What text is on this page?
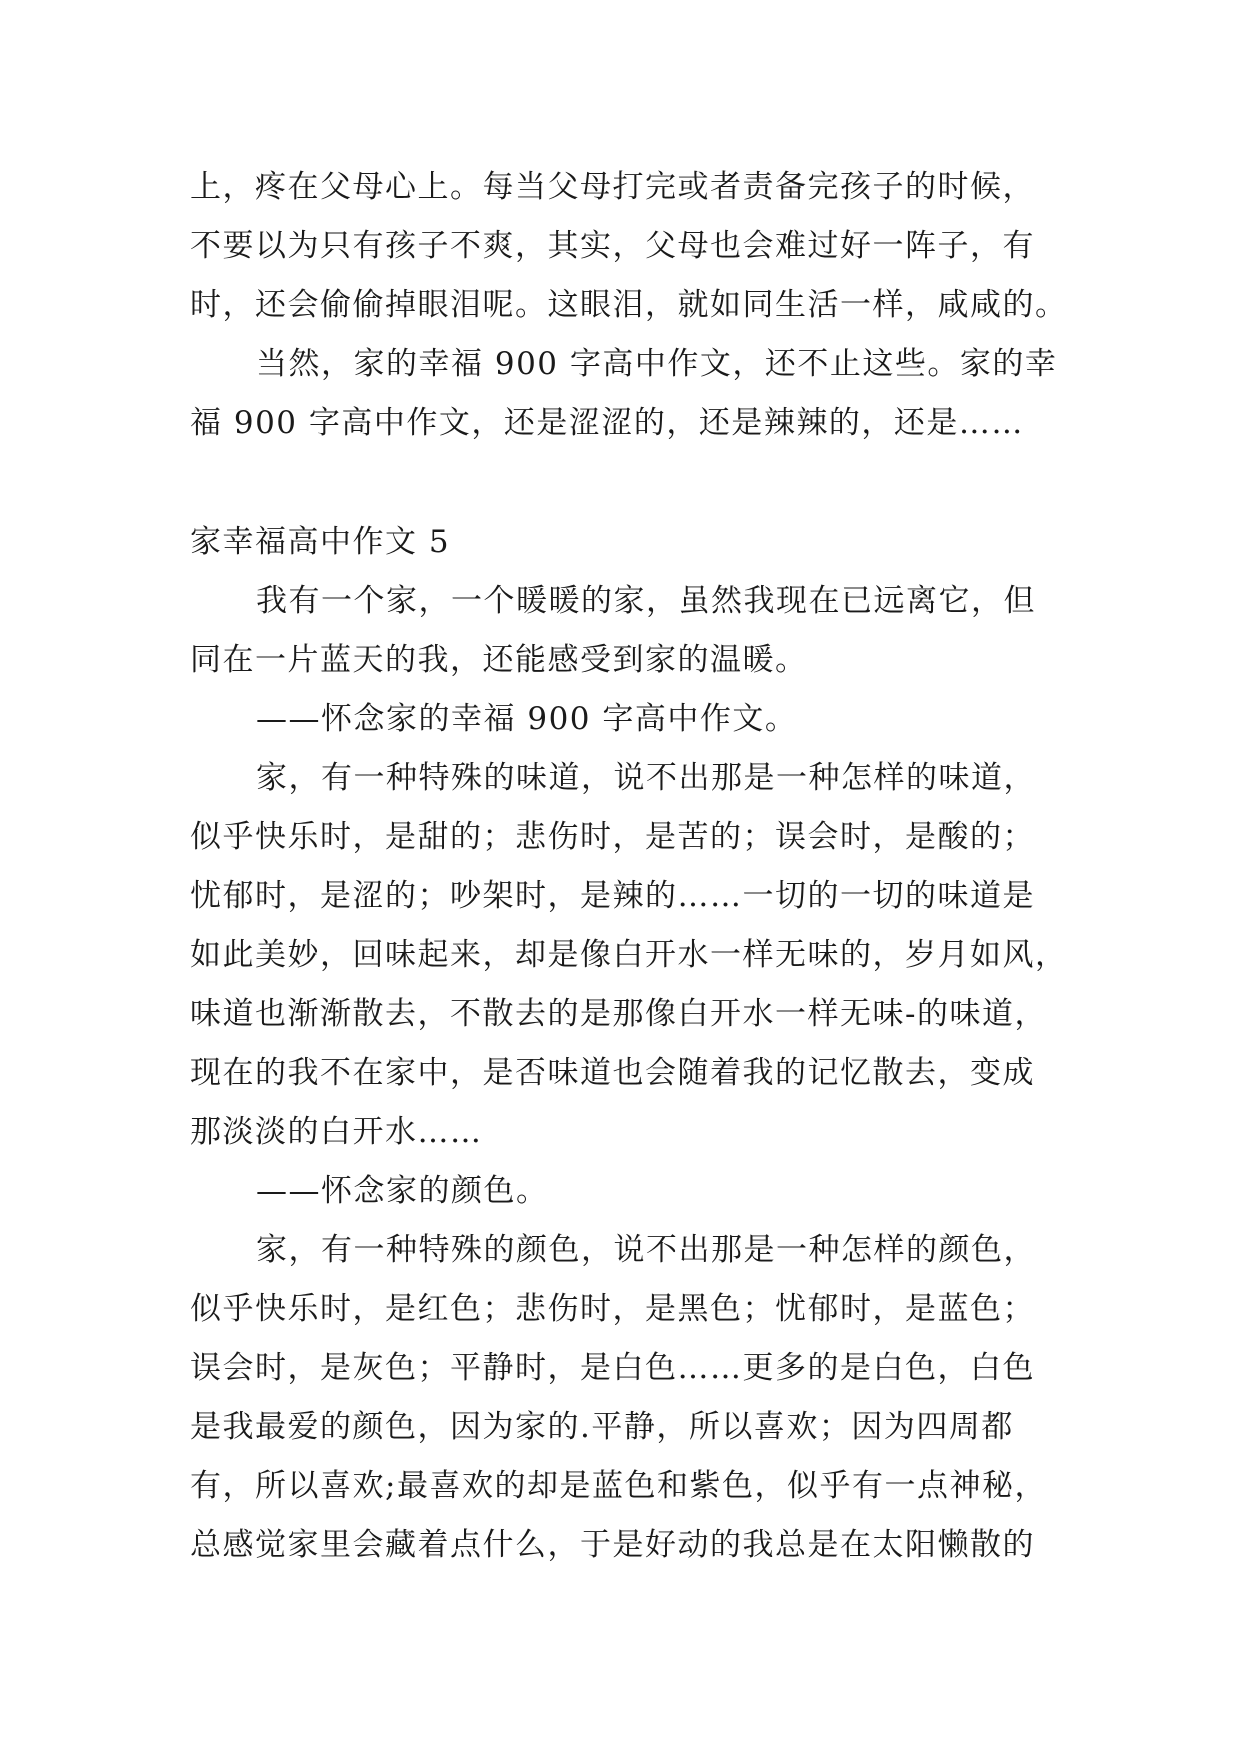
上，疼在父母心上。每当父母打完或者责备完孩子的时候，
不要以为只有孩子不爽，其实，父母也会难过好一阵子，有
时，还会偷偷掉眼泪呢。这眼泪，就如同生活一样，咸咸的。
当然，家的幸福 900 字高中作文，还不止这些。家的幸
福 900 字高中作文，还是涩涩的，还是辣辣的，还是……
家幸福高中作文 5
我有一个家，一个暖暖的家，虽然我现在已远离它，但
同在一片蓝天的我，还能感受到家的温暖。
——怀念家的幸福 900 字高中作文。
家，有一种特殊的味道，说不出那是一种怎样的味道，
似乎快乐时，是甜的；悲伤时，是苦的；误会时，是酸的；
忧郁时，是涩的；吵架时，是辣的……一切的一切的味道是
如此美妙，回味起来，却是像白开水一样无味的，岁月如风，
味道也渐渐散去，不散去的是那像白开水一样无味-的味道，
现在的我不在家中，是否味道也会随着我的记忆散去，变成
那淡淡的白开水……
——怀念家的颜色。
家，有一种特殊的颜色，说不出那是一种怎样的颜色，
似乎快乐时，是红色；悲伤时，是黑色；忧郁时，是蓝色；
误会时，是灰色；平静时，是白色……更多的是白色，白色
是我最爱的颜色，因为家的.平静，所以喜欢；因为四周都
有，所以喜欢;最喜欢的却是蓝色和紫色，似乎有一点神秘，
总感觉家里会藏着点什么，于是好动的我总是在太阳懒散的
